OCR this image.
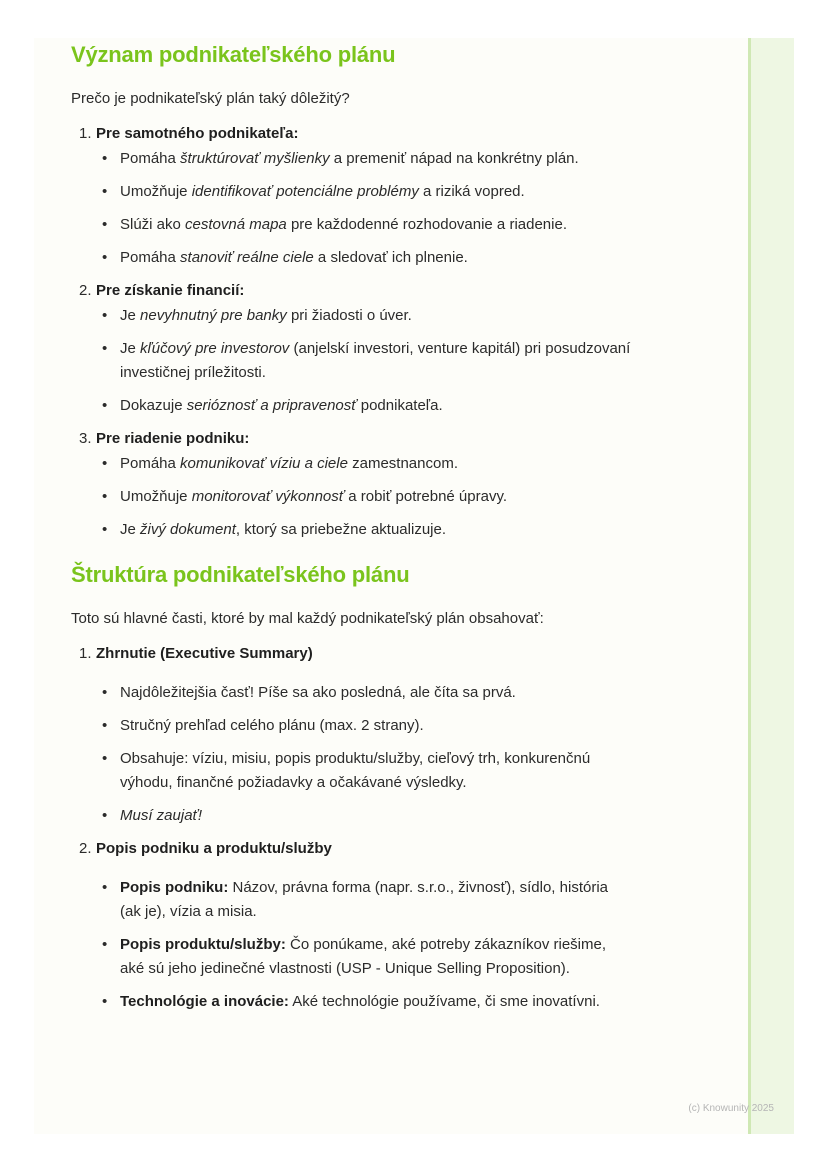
Význam podnikateľského plánu

Prečo je podnikateľský plán taký dôležitý?

1. Pre samotného podnikateľa:
• Pomáha štruktúrovať myšlienky a premeniť nápad na konkrétny plán.
• Umožňuje identifikovať potenciálne problémy a riziká vopred.
• Slúži ako cestovná mapa pre každodenné rozhodovanie a riadenie.
• Pomáha stanoviť reálne ciele a sledovať ich plnenie.
2. Pre získanie financií:
• Je nevyhnutný pre banky pri žiadosti o úver.
• Je kľúčový pre investorov (anjelskí investori, venture kapitál) pri posudzovaní investičnej príležitosti.
• Dokazuje serióznosť a pripravenosť podnikateľa.
3. Pre riadenie podniku:
• Pomáha komunikovať víziu a ciele zamestnancom.
• Umožňuje monitorovať výkonnosť a robiť potrebné úpravy.
• Je živý dokument, ktorý sa priebežne aktualizuje.
Štruktúra podnikateľského plánu

Toto sú hlavné časti, ktoré by mal každý podnikateľský plán obsahovať:

1. Zhrnutie (Executive Summary)
• Najdôležitejšia časť! Píše sa ako posledná, ale číta sa prvá.
• Stručný prehľad celého plánu (max. 2 strany).
• Obsahuje: víziu, misiu, popis produktu/služby, cieľový trh, konkurenčnú výhodu, finančné požiadavky a očakávané výsledky.
• Musí zaujať!
2. Popis podniku a produktu/služby
• Popis podniku: Názov, právna forma (napr. s.r.o., živnosť), sídlo, história (ak je), vízia a misia.
• Popis produktu/služby: Čo ponúkame, aké potreby zákazníkov riešime, aké sú jeho jedinečné vlastnosti (USP - Unique Selling Proposition).
• Technológie a inovácie: Aké technológie používame, či sme inovatívni.
(c) Knowunity 2025
